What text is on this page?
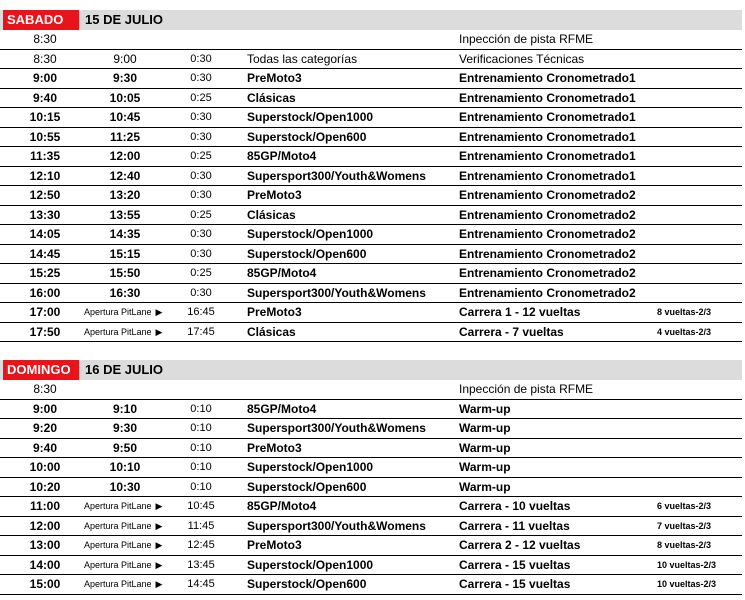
SABADO	15 DE JULIO
8:30	Inpección de pista RFME
8:30	9:00	0:30	Todas las categorías	Verificaciones Técnicas
9:00	9:30	0:30	PreMoto3	Entrenamiento Cronometrado1
9:40	10:05	0:25	Clásicas	Entrenamiento Cronometrado1
10:15	10:45	0:30	Superstock/Open1000	Entrenamiento Cronometrado1
10:55	11:25	0:30	Superstock/Open600	Entrenamiento Cronometrado1
11:35	12:00	0:25	85GP/Moto4	Entrenamiento Cronometrado1
12:10	12:40	0:30	Supersport300/Youth&Womens	Entrenamiento Cronometrado1
12:50	13:20	0:30	PreMoto3	Entrenamiento Cronometrado2
13:30	13:55	0:25	Clásicas	Entrenamiento Cronometrado2
14:05	14:35	0:30	Superstock/Open1000	Entrenamiento Cronometrado2
14:45	15:15	0:30	Superstock/Open600	Entrenamiento Cronometrado2
15:25	15:50	0:25	85GP/Moto4	Entrenamiento Cronometrado2
16:00	16:30	0:30	Supersport300/Youth&Womens	Entrenamiento Cronometrado2
17:00	Apertura PitLane ▶	16:45	PreMoto3	Carrera 1 - 12 vueltas	8 vueltas-2/3
17:50	Apertura PitLane ▶	17:45	Clásicas	Carrera - 7 vueltas	4 vueltas-2/3
DOMINGO	16 DE JULIO
8:30	Inpección de pista RFME
9:00	9:10	0:10	85GP/Moto4	Warm-up
9:20	9:30	0:10	Supersport300/Youth&Womens	Warm-up
9:40	9:50	0:10	PreMoto3	Warm-up
10:00	10:10	0:10	Superstock/Open1000	Warm-up
10:20	10:30	0:10	Superstock/Open600	Warm-up
11:00	Apertura PitLane ▶	10:45	85GP/Moto4	Carrera - 10 vueltas	6 vueltas-2/3
12:00	Apertura PitLane ▶	11:45	Supersport300/Youth&Womens	Carrera - 11 vueltas	7 vueltas-2/3
13:00	Apertura PitLane ▶	12:45	PreMoto3	Carrera 2 - 12 vueltas	8 vueltas-2/3
14:00	Apertura PitLane ▶	13:45	Superstock/Open1000	Carrera - 15 vueltas	10 vueltas-2/3
15:00	Apertura PitLane ▶	14:45	Superstock/Open600	Carrera - 15 vueltas	10 vueltas-2/3
